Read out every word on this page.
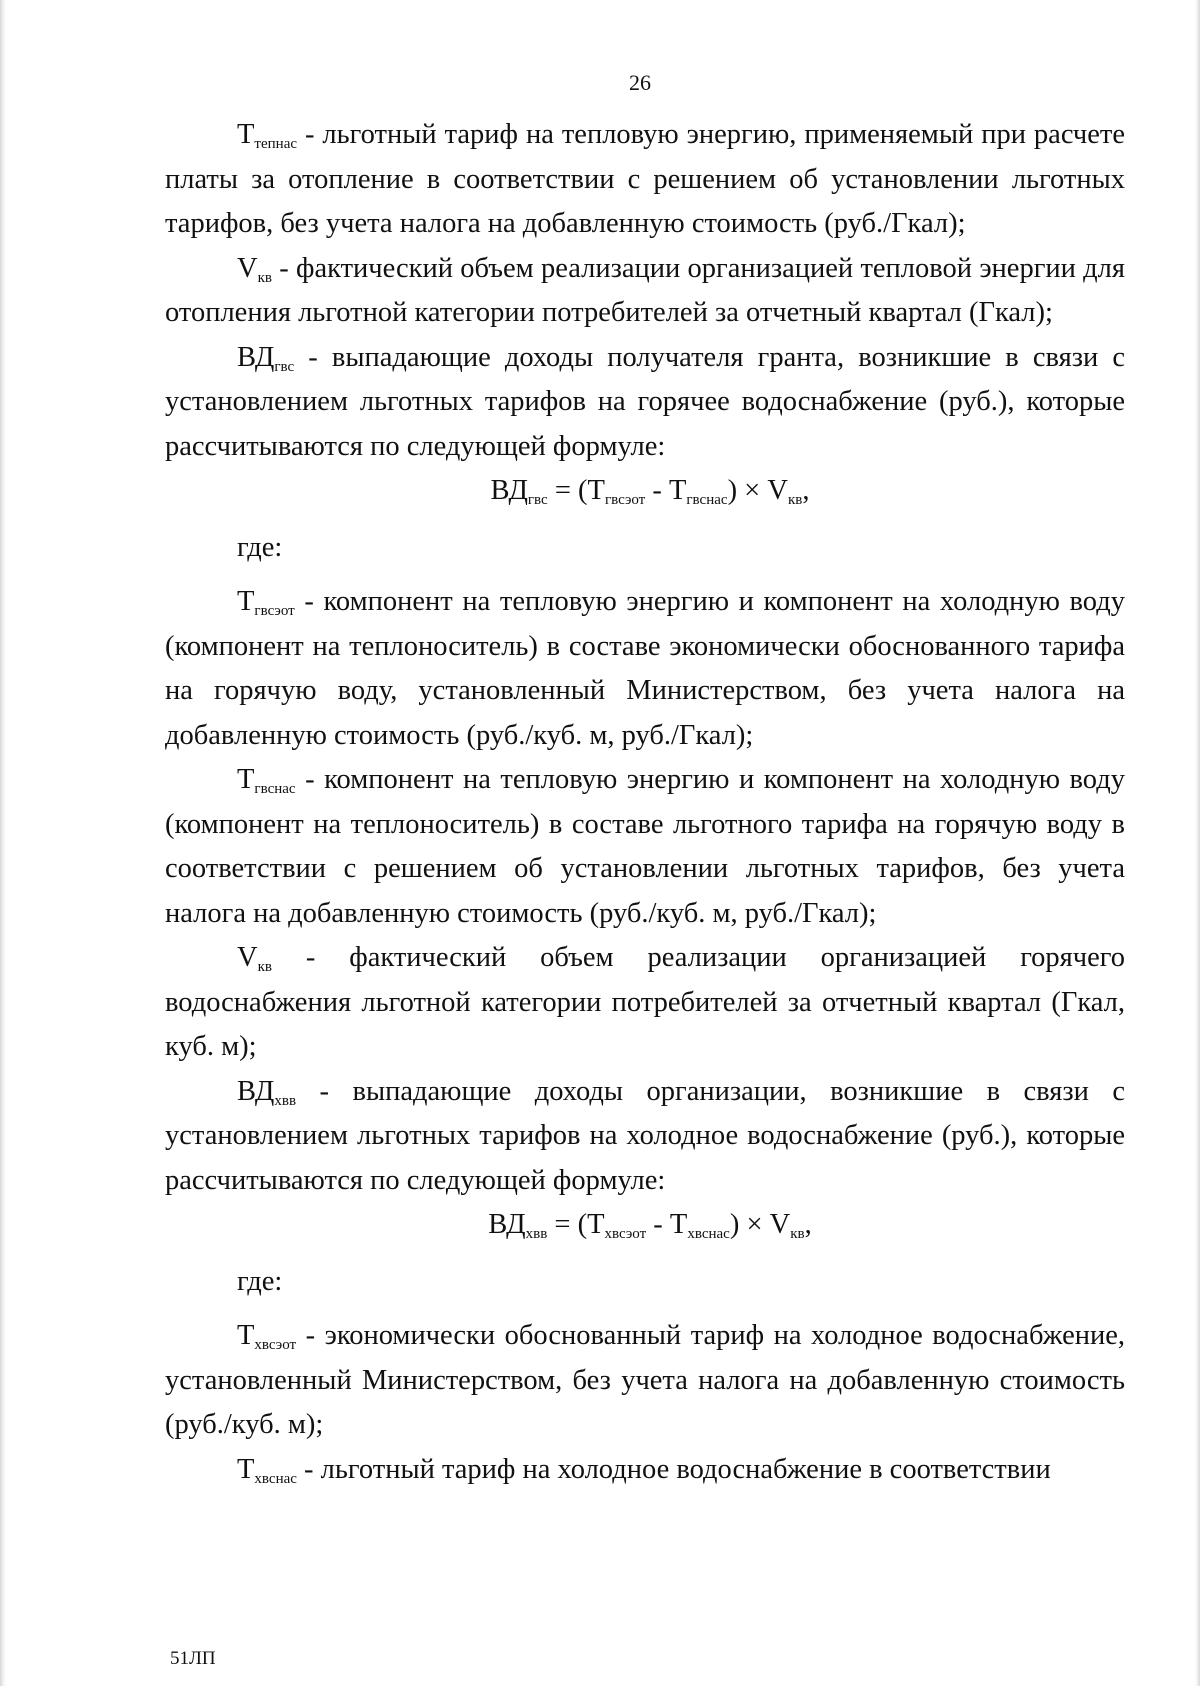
26

$Т_{тепнас}$ - льготный тариф на тепловую энергию, применяемый при расчете платы за отопление в соответствии с решением об установлении льготных тарифов, без учета налога на добавленную стоимость (руб./Гкал);

$V_{кв}$ - фактический объем реализации организацией тепловой энергии для отопления льготной категории потребителей за отчетный квартал (Гкал);

$ВД_{гвс}$ - выпадающие доходы получателя гранта, возникшие в связи с установлением льготных тарифов на горячее водоснабжение (руб.), которые рассчитываются по следующей формуле:

$ВД_{гвс} = (Т_{гвсэот} - Т_{гвснас}) \times V_{кв}$,

где:

$Т_{гвсэот}$ - компонент на тепловую энергию и компонент на холодную воду (компонент на теплоноситель) в составе экономически обоснованного тарифа на горячую воду, установленный Министерством, без учета налога на добавленную стоимость (руб./куб. м, руб./Гкал);

$Т_{гвснас}$ - компонент на тепловую энергию и компонент на холодную воду (компонент на теплоноситель) в составе льготного тарифа на горячую воду в соответствии с решением об установлении льготных тарифов, без учета налога на добавленную стоимость (руб./куб. м, руб./Гкал);

$V_{кв}$ - фактический объем реализации организацией горячего водоснабжения льготной категории потребителей за отчетный квартал (Гкал, куб. м);

$ВД_{хвв}$ - выпадающие доходы организации, возникшие в связи с установлением льготных тарифов на холодное водоснабжение (руб.), которые рассчитываются по следующей формуле:

$ВД_{хвв} = (Т_{хвсэот} - Т_{хвснас}) \times V_{кв}$,

где:

$Т_{хвсэот}$ - экономически обоснованный тариф на холодное водоснабжение, установленный Министерством, без учета налога на добавленную стоимость (руб./куб. м);

$Т_{хвснас}$ - льготный тариф на холодное водоснабжение в соответствии

51ЛП
